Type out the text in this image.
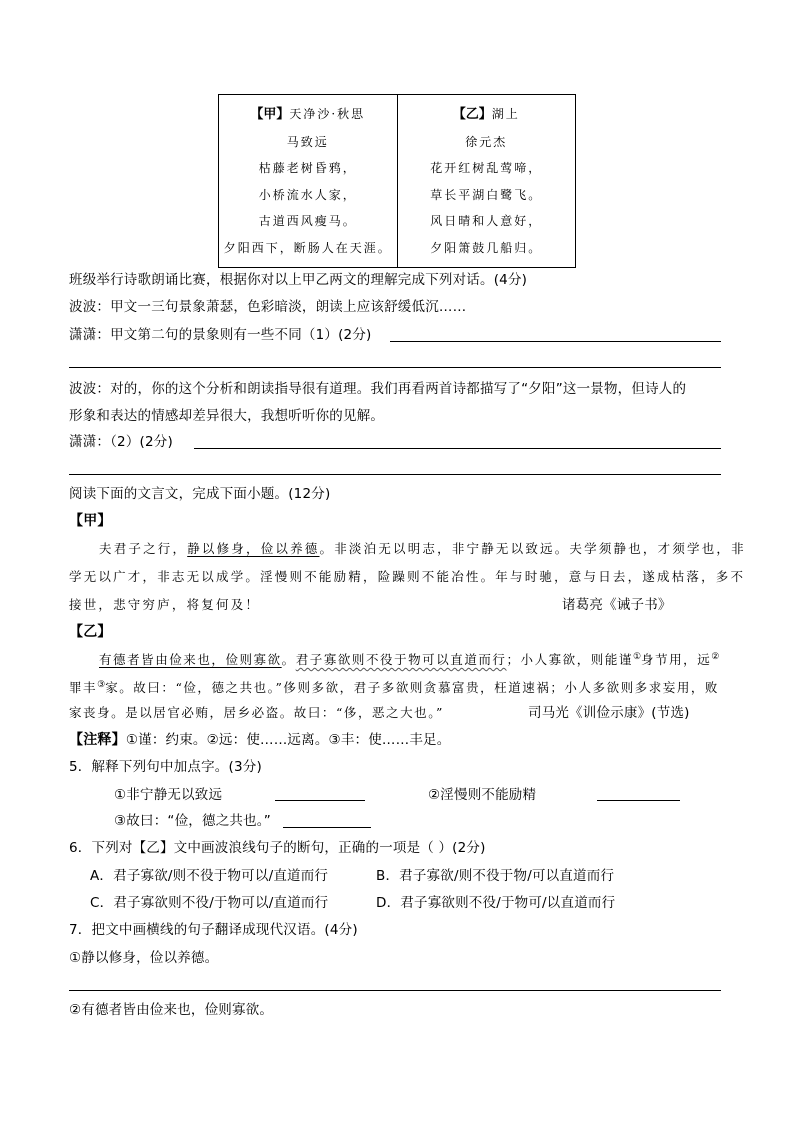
【甲】天净沙·秋思
马致远
枯藤老树昏鸦，
小桥流水人家，
古道西风瘦马。
夕阳西下，断肠人在天涯。
【乙】湖上
徐元杰
花开红树乱莺啼，
草长平湖白鹭飞。
风日晴和人意好，
夕阳箫鼓几船归。
班级举行诗歌朗诵比赛，根据你对以上甲乙两文的理解完成下列对话。(4分)
波波：甲文一三句景象萧瑟，色彩暗淡，朗读上应该舒缓低沉……
潇潇：甲文第二句的景象则有一些不同（1）(2分)
波波：对的，你的这个分析和朗读指导很有道理。我们再看两首诗都描写了“夕阳”这一景物，但诗人的
形象和表达的情感却差异很大，我想听听你的见解。
潇潇：（2）(2分)
阅读下面的文言文，完成下面小题。(12分)
【甲】
夫君子之行，静以修身，俭以养德。非淡泊无以明志，非宁静无以致远。夫学须静也，才须学也，非
学无以广才，非志无以成学。淫慢则不能励精，险躁则不能冶性。年与时驰，意与日去，遂成枯落，多不
接世，悲守穷庐，将复何及！	诸葛亮《诫子书》
【乙】
有德者皆由俭来也，俭则寡欲。君子寡欲则不役于物可以直道而行；小人寡欲，则能谨①身节用，远②
罪丰③家。故曰：“俭，德之共也。”侈则多欲，君子多欲则贪慕富贵，枉道速祸；小人多欲则多求妄用，败
家丧身。是以居官必贿，居乡必盗。故曰：“侈，恶之大也。”	司马光《训俭示康》(节选)
【注释】①谨：约束。②远：使……远离。③丰：使……丰足。
5．解释下列句中加点字。(3分)
①非宁静无以致远	②淫慢则不能励精
③故曰：“俭，德之共也。”
6．下列对【乙】文中画波浪线句子的断句，正确的一项是（ ）(2分)
A．君子寡欲/则不役于物可以/直道而行	B．君子寡欲/则不役于物/可以直道而行
C．君子寡欲则不役/于物可以/直道而行	D．君子寡欲则不役/于物可/以直道而行
7．把文中画横线的句子翻译成现代汉语。(4分)
①静以修身，俭以养德。
②有德者皆由俭来也，俭则寡欲。
